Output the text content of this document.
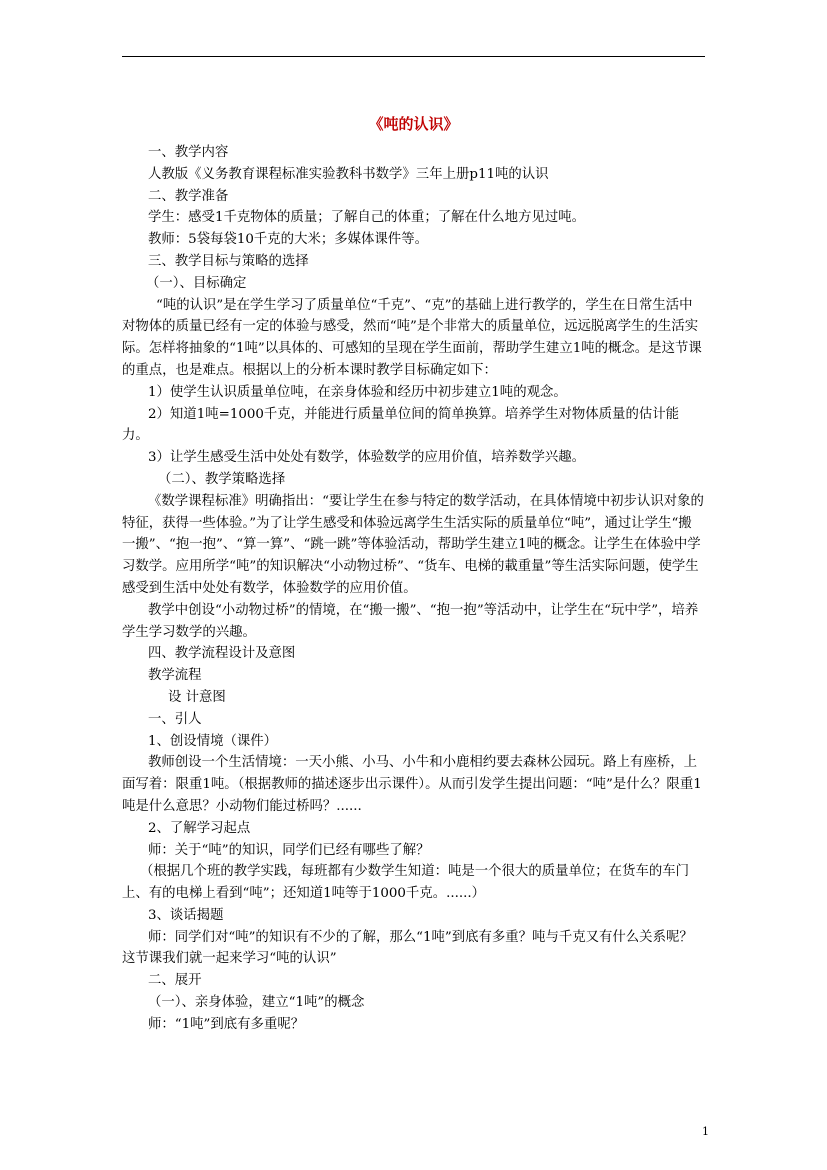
《吨的认识》

一、教学内容

人教版《义务教育课程标准实验教科书数学》三年上册p11吨的认识

二、教学准备

学生：感受1千克物体的质量；了解自己的体重；了解在什么地方见过吨。

教师：5袋每袋10千克的大米；多媒体课件等。

三、教学目标与策略的选择

（一）、目标确定

“吨的认识”是在学生学习了质量单位“千克”、“克”的基础上进行教学的，学生在日常生活中对物体的质量已经有一定的体验与感受，然而“吨”是个非常大的质量单位，远远脱离学生的生活实际。怎样将抽象的“1吨”以具体的、可感知的呈现在学生面前，帮助学生建立1吨的概念。是这节课的重点，也是难点。根据以上的分析本课时教学目标确定如下：

1）使学生认识质量单位吨，在亲身体验和经历中初步建立1吨的观念。

2）知道1吨=1000千克，并能进行质量单位间的简单换算。培养学生对物体质量的估计能力。

3）让学生感受生活中处处有数学，体验数学的应用价值，培养数学兴趣。

（二）、教学策略选择

《数学课程标准》明确指出：“要让学生在参与特定的数学活动，在具体情境中初步认识对象的特征，获得一些体验。”为了让学生感受和体验远离学生生活实际的质量单位“吨”，通过让学生“搬一搬”、“抱一抱”、“算一算”、“跳一跳”等体验活动，帮助学生建立1吨的概念。让学生在体验中学习数学。应用所学“吨”的知识解决“小动物过桥”、“货车、电梯的載重量”等生活实际问题，使学生感受到生活中处处有数学，体验数学的应用价值。

教学中创设“小动物过桥”的情境，在“搬一搬”、“抱一抱”等活动中，让学生在“玩中学”，培养学生学习数学的兴趣。

四、教学流程设计及意图

教学流程

设 计意图

一、引人

1、创设情境（课件）

教师创设一个生活情境：一天小熊、小马、小牛和小鹿相约要去森林公园玩。路上有座桥，上面写着：限重1吨。（根据教师的描述逐步出示课件）。从而引发学生提出问题：“吨”是什么？限重1吨是什么意思？小动物们能过桥吗？......

2、了解学习起点

师：关于“吨”的知识，同学们已经有哪些了解？

（根据几个班的教学实践，每班都有少数学生知道：吨是一个很大的质量单位；在货车的车门上、有的电梯上看到“吨”；还知道1吨等于1000千克。......）

3、谈话揭题

师：同学们对“吨”的知识有不少的了解，那么“1吨”到底有多重？吨与千克又有什么关系呢？这节课我们就一起来学习“吨的认识”

二、展开

（一）、亲身体验，建立“1吨”的概念

师：“1吨”到底有多重呢？

1
